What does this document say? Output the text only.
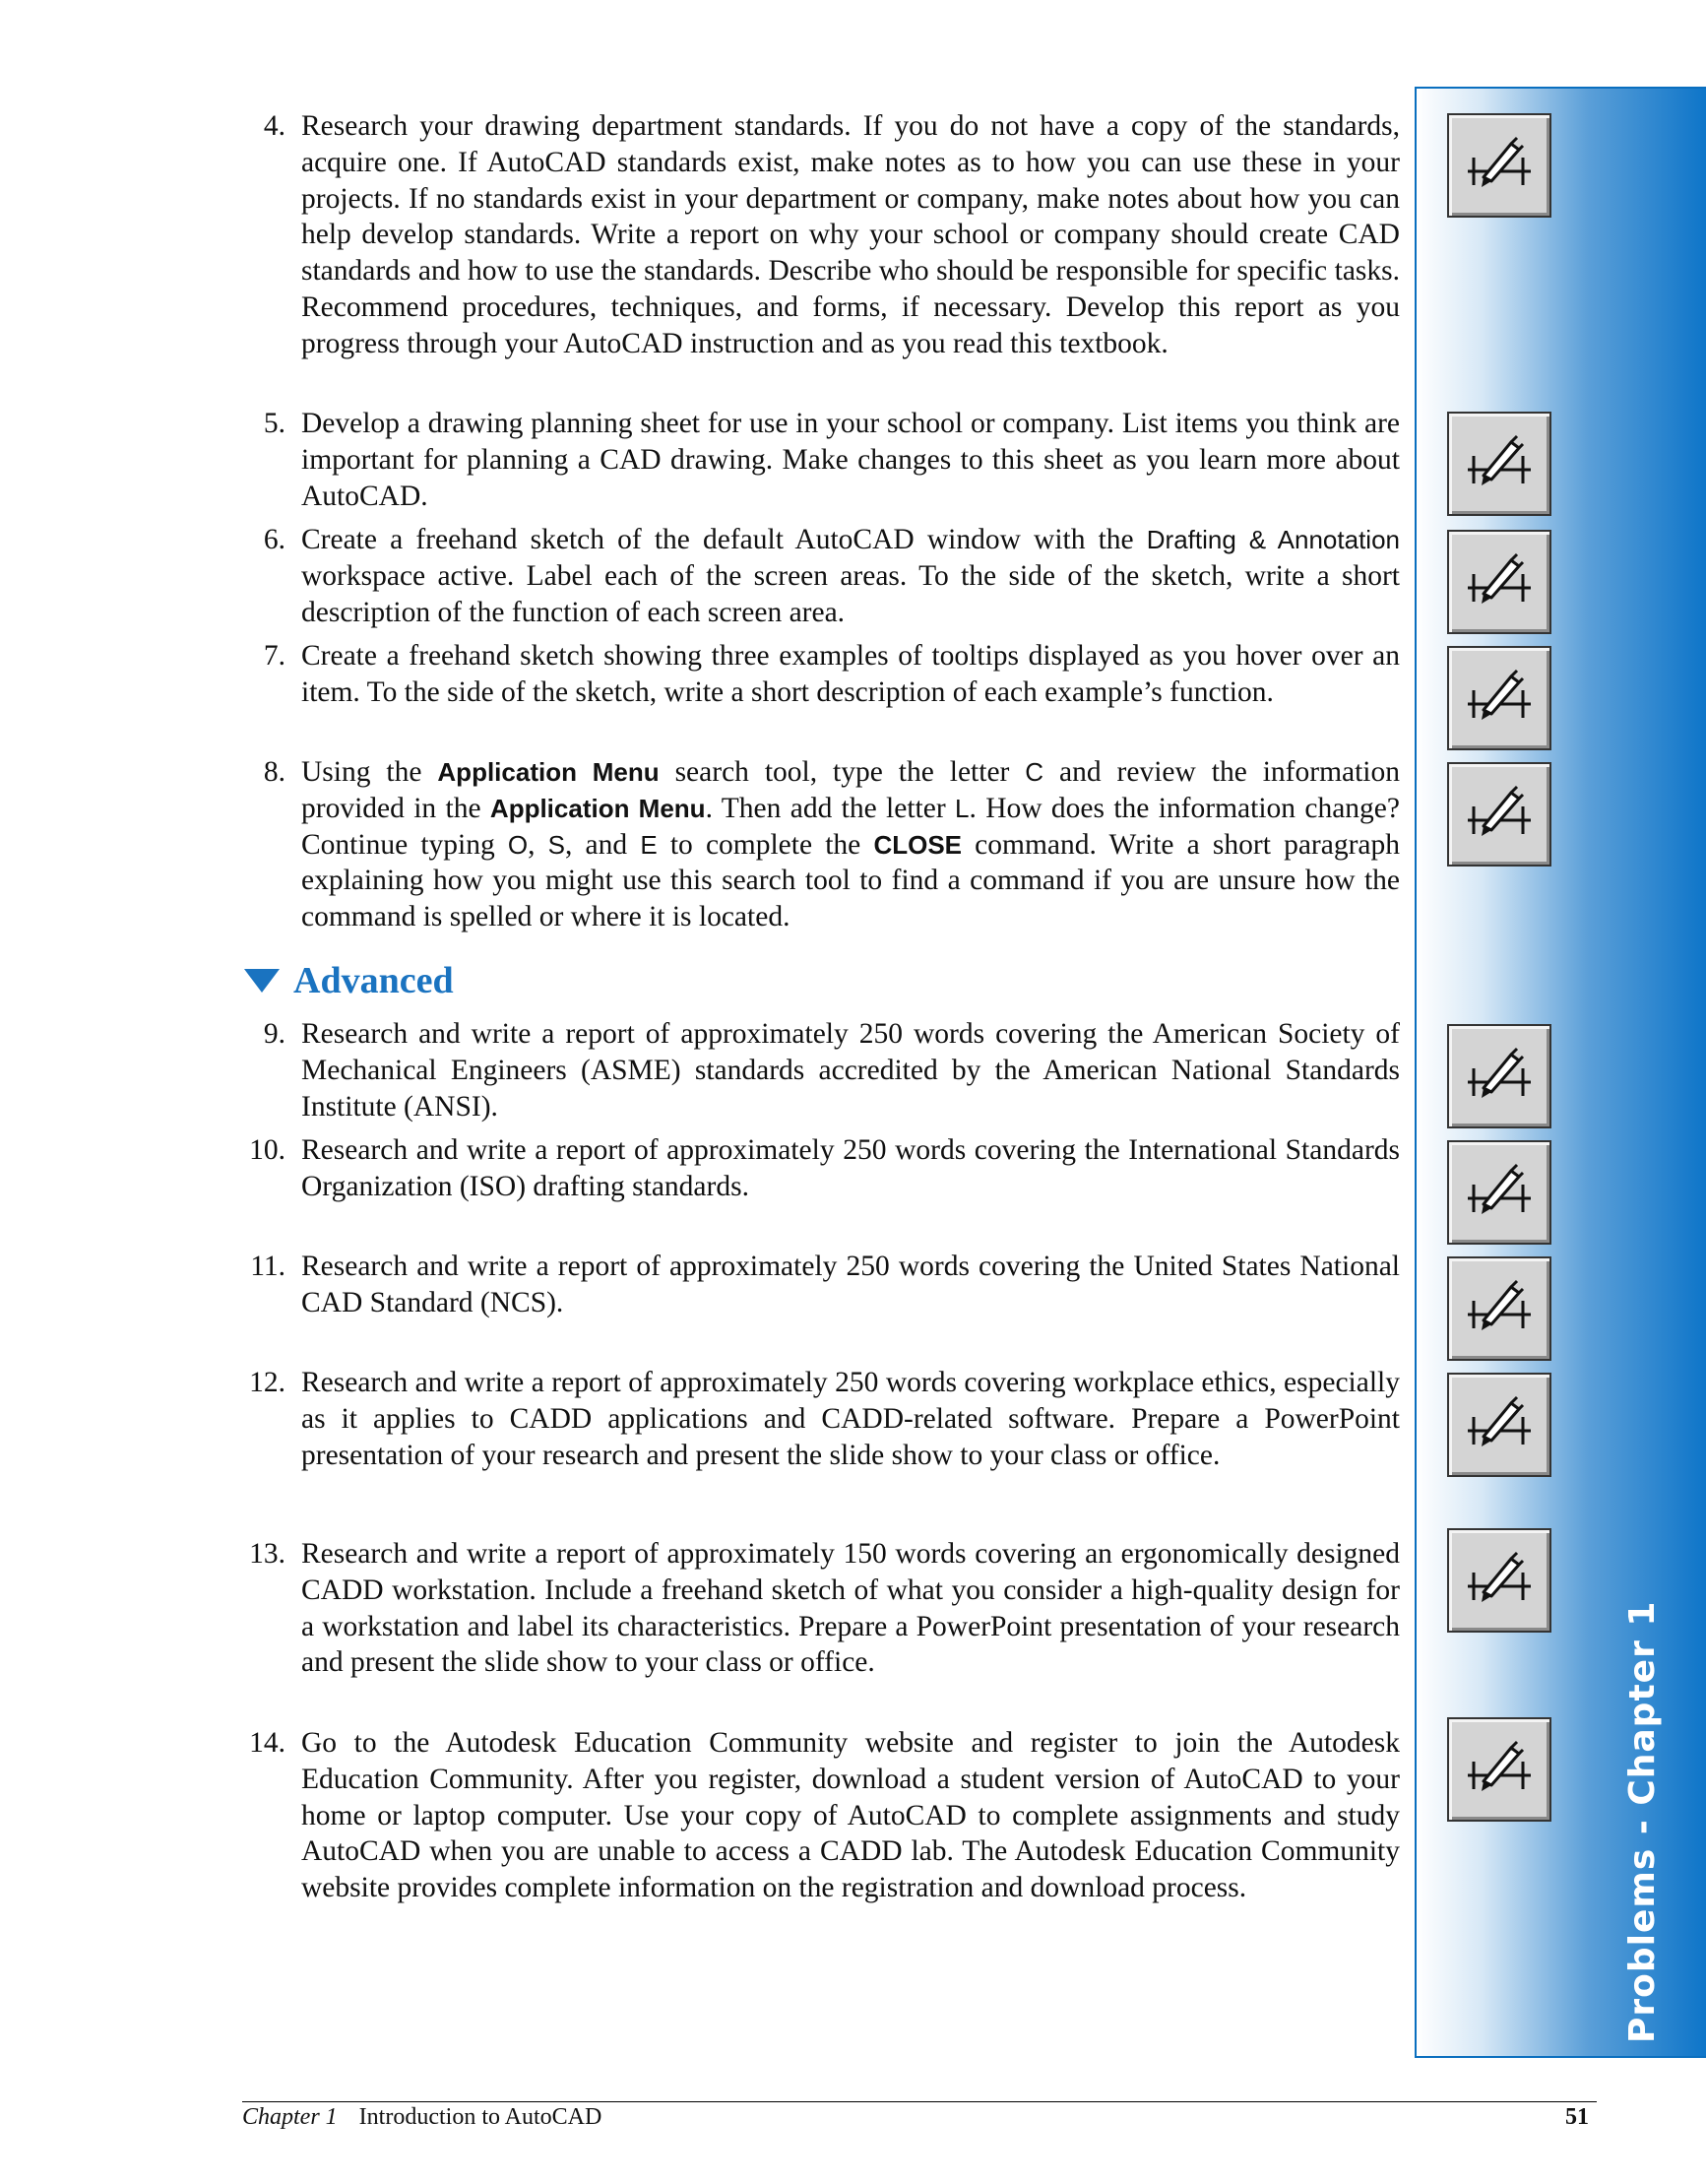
Problems - Chapter 1
4. Research your drawing department standards. If you do not have a copy of the standards, acquire one. If AutoCAD standards exist, make notes as to how you can use these in your projects. If no standards exist in your department or company, make notes about how you can help develop standards. Write a report on why your school or company should create CAD standards and how to use the standards. Describe who should be responsible for specific tasks. Recommend procedures, techniques, and forms, if necessary. Develop this report as you progress through your AutoCAD instruction and as you read this textbook.
5. Develop a drawing planning sheet for use in your school or company. List items you think are important for planning a CAD drawing. Make changes to this sheet as you learn more about AutoCAD.
6. Create a freehand sketch of the default AutoCAD window with the Drafting & Annotation workspace active. Label each of the screen areas. To the side of the sketch, write a short description of the function of each screen area.
7. Create a freehand sketch showing three examples of tooltips displayed as you hover over an item. To the side of the sketch, write a short description of each example’s function.
8. Using the Application Menu search tool, type the letter C and review the information provided in the Application Menu. Then add the letter L. How does the information change? Continue typing O, S, and E to complete the CLOSE command. Write a short paragraph explaining how you might use this search tool to find a command if you are unsure how the command is spelled or where it is located.
9. Research and write a report of approximately 250 words covering the American Society of Mechanical Engineers (ASME) standards accredited by the American National Standards Institute (ANSI).
10. Research and write a report of approximately 250 words covering the International Standards Organization (ISO) drafting standards.
11. Research and write a report of approximately 250 words covering the United States National CAD Standard (NCS).
12. Research and write a report of approximately 250 words covering workplace ethics, especially as it applies to CADD applications and CADD-related software. Prepare a PowerPoint presentation of your research and present the slide show to your class or office.
13. Research and write a report of approximately 150 words covering an ergonomically designed CADD workstation. Include a freehand sketch of what you consider a high-quality design for a workstation and label its characteristics. Prepare a PowerPoint presentation of your research and present the slide show to your class or office.
14. Go to the Autodesk Education Community website and register to join the Autodesk Education Community. After you register, download a student version of AutoCAD to your home or laptop computer. Use your copy of AutoCAD to complete assignments and study AutoCAD when you are unable to access a CADD lab. The Autodesk Education Community website provides complete information on the registration and download process.
Advanced
Chapter 1 Introduction to AutoCAD	51
